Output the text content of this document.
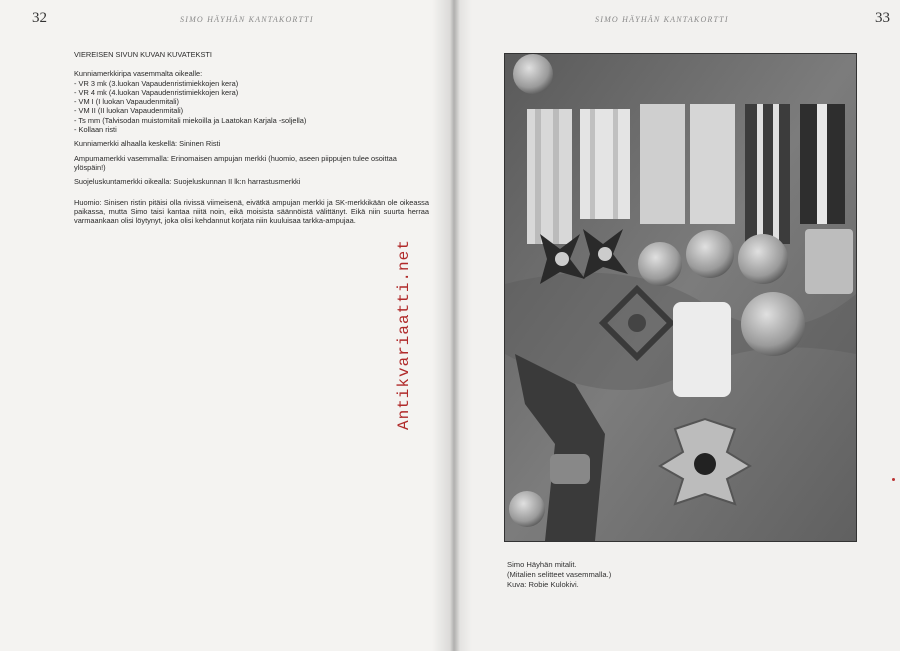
32	SIMO HÄYHÄN KANTAKORTTI
VIEREISEN SIVUN KUVAN KUVATEKSTI
Kunniamerkkiripa vasemmalta oikealle:
- VR 3 mk (3.luokan Vapaudenristimiekkojen kera)
- VR 4 mk (4.luokan Vapaudenristimiekkojen kera)
- VM I (I luokan Vapaudenmitali)
- VM II (II luokan Vapaudenmitali)
- Ts mm (Talvisodan muistomitali miekoilla ja Laatokan Karjala -soljella)
- Kollaan risti
Kunniamerkki alhaalla keskellä: Sininen Risti
Ampumamerkki vasemmalla: Erinomaisen ampujan merkki (huomio, aseen piippujen tulee osoittaa ylöspäin!)
Suojeluskuntamerkki oikealla: Suojeluskunnan II lk:n harrastusmerkki
Huomio: Sinisen ristin pitäisi olla rivissä viimeisenä, eivätkä ampujan merkki ja SK-merkkikään ole oikeassa paikassa, mutta Simo taisi kantaa niitä noin, eikä moisista säännöistä välittänyt. Eikä niin suurta herraa varmaankaan olisi löytynyt, joka olisi kehdannut korjata niin kuuluisaa tarkka-ampujaa.
SIMO HÄYHÄN KANTAKORTTI	33
Simo Häyhän mitalit.
(Mitalien selitteet vasemmalla.)
Kuva: Robie Kulokivi.
Antikvariaatti.net
